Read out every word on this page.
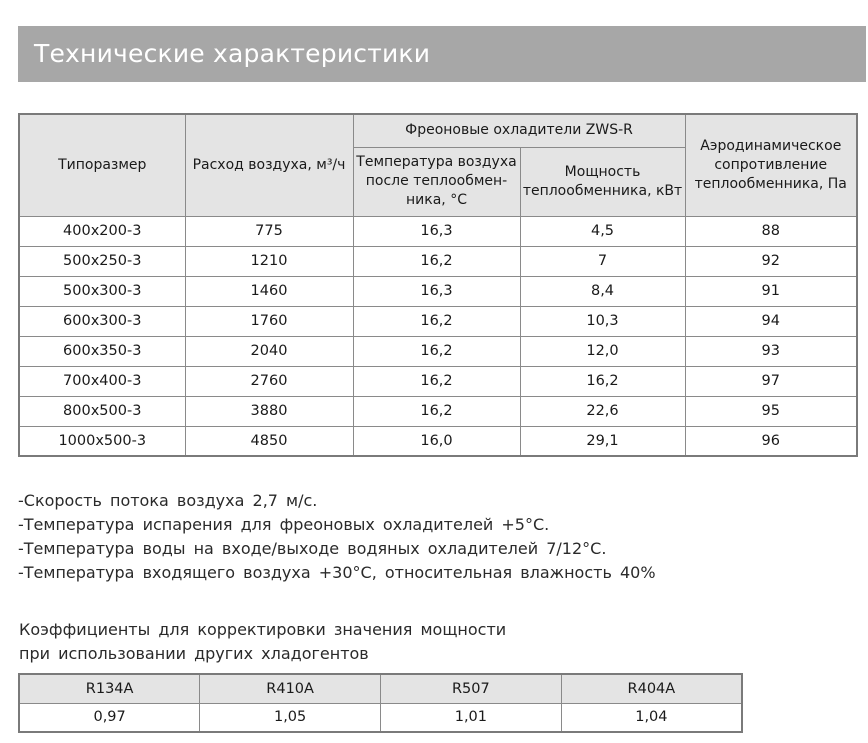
Технические характеристики
Типоразмер	Расход воздуха, м³/ч	Фреоновые охладители ZWS-R		Аэродинамическое сопротивление теплообменника, Па
		Температура воздуха после теплообмен-ника, °С	Мощность теплообменника, кВт	
400х200-3	775	16,3	4,5	88
500х250-3	1210	16,2	7	92
500х300-3	1460	16,3	8,4	91
600х300-3	1760	16,2	10,3	94
600х350-3	2040	16,2	12,0	93
700х400-3	2760	16,2	16,2	97
800х500-3	3880	16,2	22,6	95
1000х500-3	4850	16,0	29,1	96
-Скорость потока воздуха 2,7 м/с.
-Температура испарения для фреоновых охладителей +5°С.
-Температура воды на входе/выходе водяных охладителей 7/12°С.
-Температура входящего воздуха +30°С, относительная влажность 40%
Коэффициенты для корректировки значения мощности
при использовании других хладогентов
R134A	R410A	R507	R404A
0,97	1,05	1,01	1,04
